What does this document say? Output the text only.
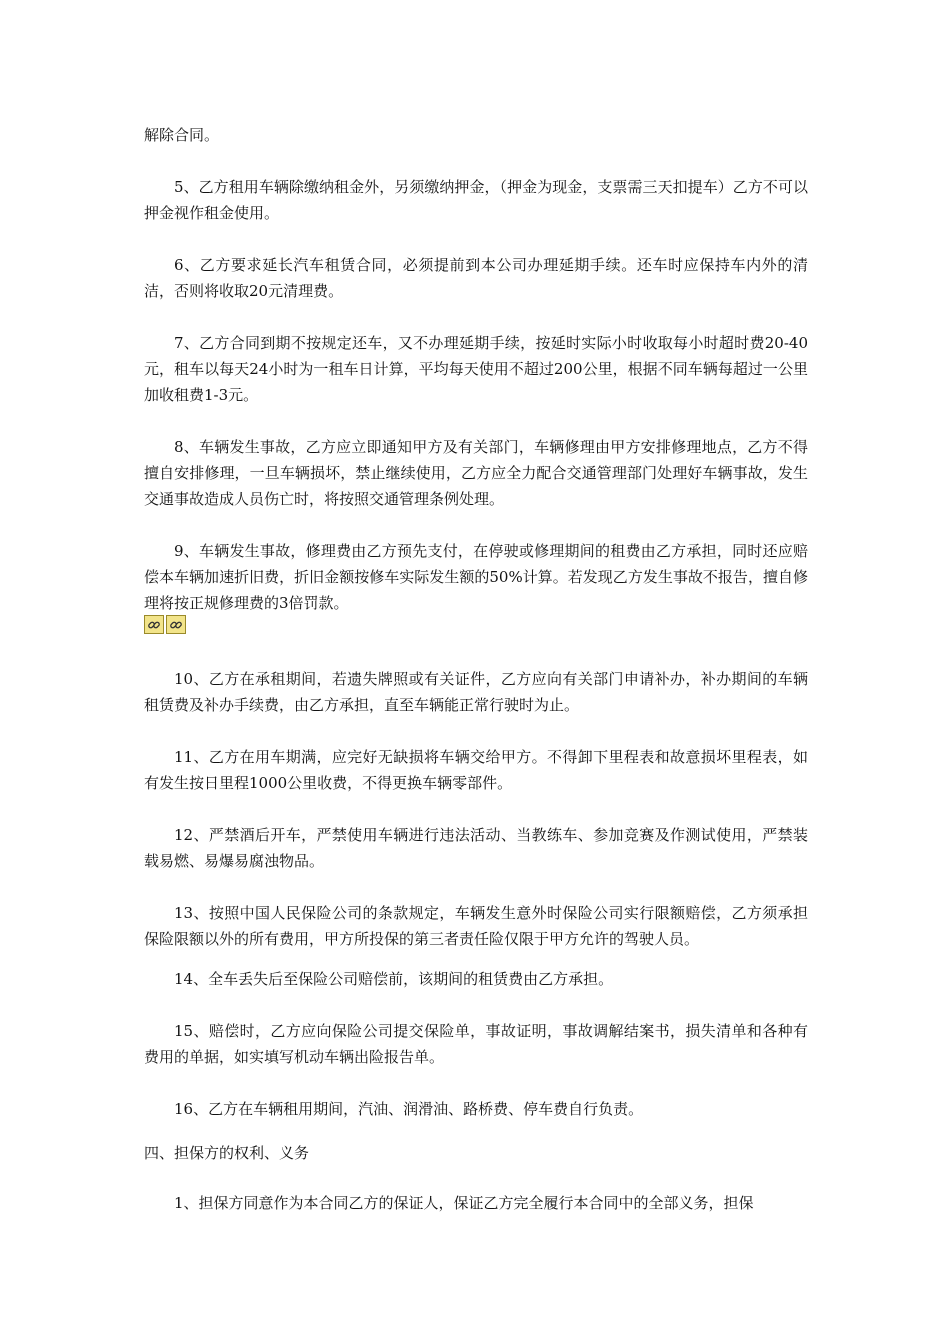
解除合同。

5、乙方租用车辆除缴纳租金外，另须缴纳押金，（押金为现金，支票需三天扣提车）乙方不可以押金视作租金使用。

6、乙方要求延长汽车租赁合同，必须提前到本公司办理延期手续。还车时应保持车内外的清洁，否则将收取20元清理费。

7、乙方合同到期不按规定还车，又不办理延期手续，按延时实际小时收取每小时超时费20-40元，租车以每天24小时为一租车日计算，平均每天使用不超过200公里，根据不同车辆每超过一公里加收租费1-3元。

8、车辆发生事故，乙方应立即通知甲方及有关部门，车辆修理由甲方安排修理地点，乙方不得擅自安排修理，一旦车辆损坏，禁止继续使用，乙方应全力配合交通管理部门处理好车辆事故，发生交通事故造成人员伤亡时，将按照交通管理条例处理。

9、车辆发生事故，修理费由乙方预先支付，在停驶或修理期间的租费由乙方承担，同时还应赔偿本车辆加速折旧费，折旧金额按修车实际发生额的50%计算。若发现乙方发生事故不报告，擅自修理将按正规修理费的3倍罚款。

10、乙方在承租期间，若遗失牌照或有关证件，乙方应向有关部门申请补办，补办期间的车辆租赁费及补办手续费，由乙方承担，直至车辆能正常行驶时为止。

11、乙方在用车期满，应完好无缺损将车辆交给甲方。不得卸下里程表和故意损坏里程表，如有发生按日里程1000公里收费，不得更换车辆零部件。

12、严禁酒后开车，严禁使用车辆进行违法活动、当教练车、参加竞赛及作测试使用，严禁装载易燃、易爆易腐浊物品。

13、按照中国人民保险公司的条款规定，车辆发生意外时保险公司实行限额赔偿，乙方须承担保险限额以外的所有费用，甲方所投保的第三者责任险仅限于甲方允许的驾驶人员。

14、全车丢失后至保险公司赔偿前，该期间的租赁费由乙方承担。

15、赔偿时，乙方应向保险公司提交保险单，事故证明，事故调解结案书，损失清单和各种有费用的单据，如实填写机动车辆出险报告单。

16、乙方在车辆租用期间，汽油、润滑油、路桥费、停车费自行负责。

四、担保方的权利、义务

1、担保方同意作为本合同乙方的保证人，保证乙方完全履行本合同中的全部义务，担保
